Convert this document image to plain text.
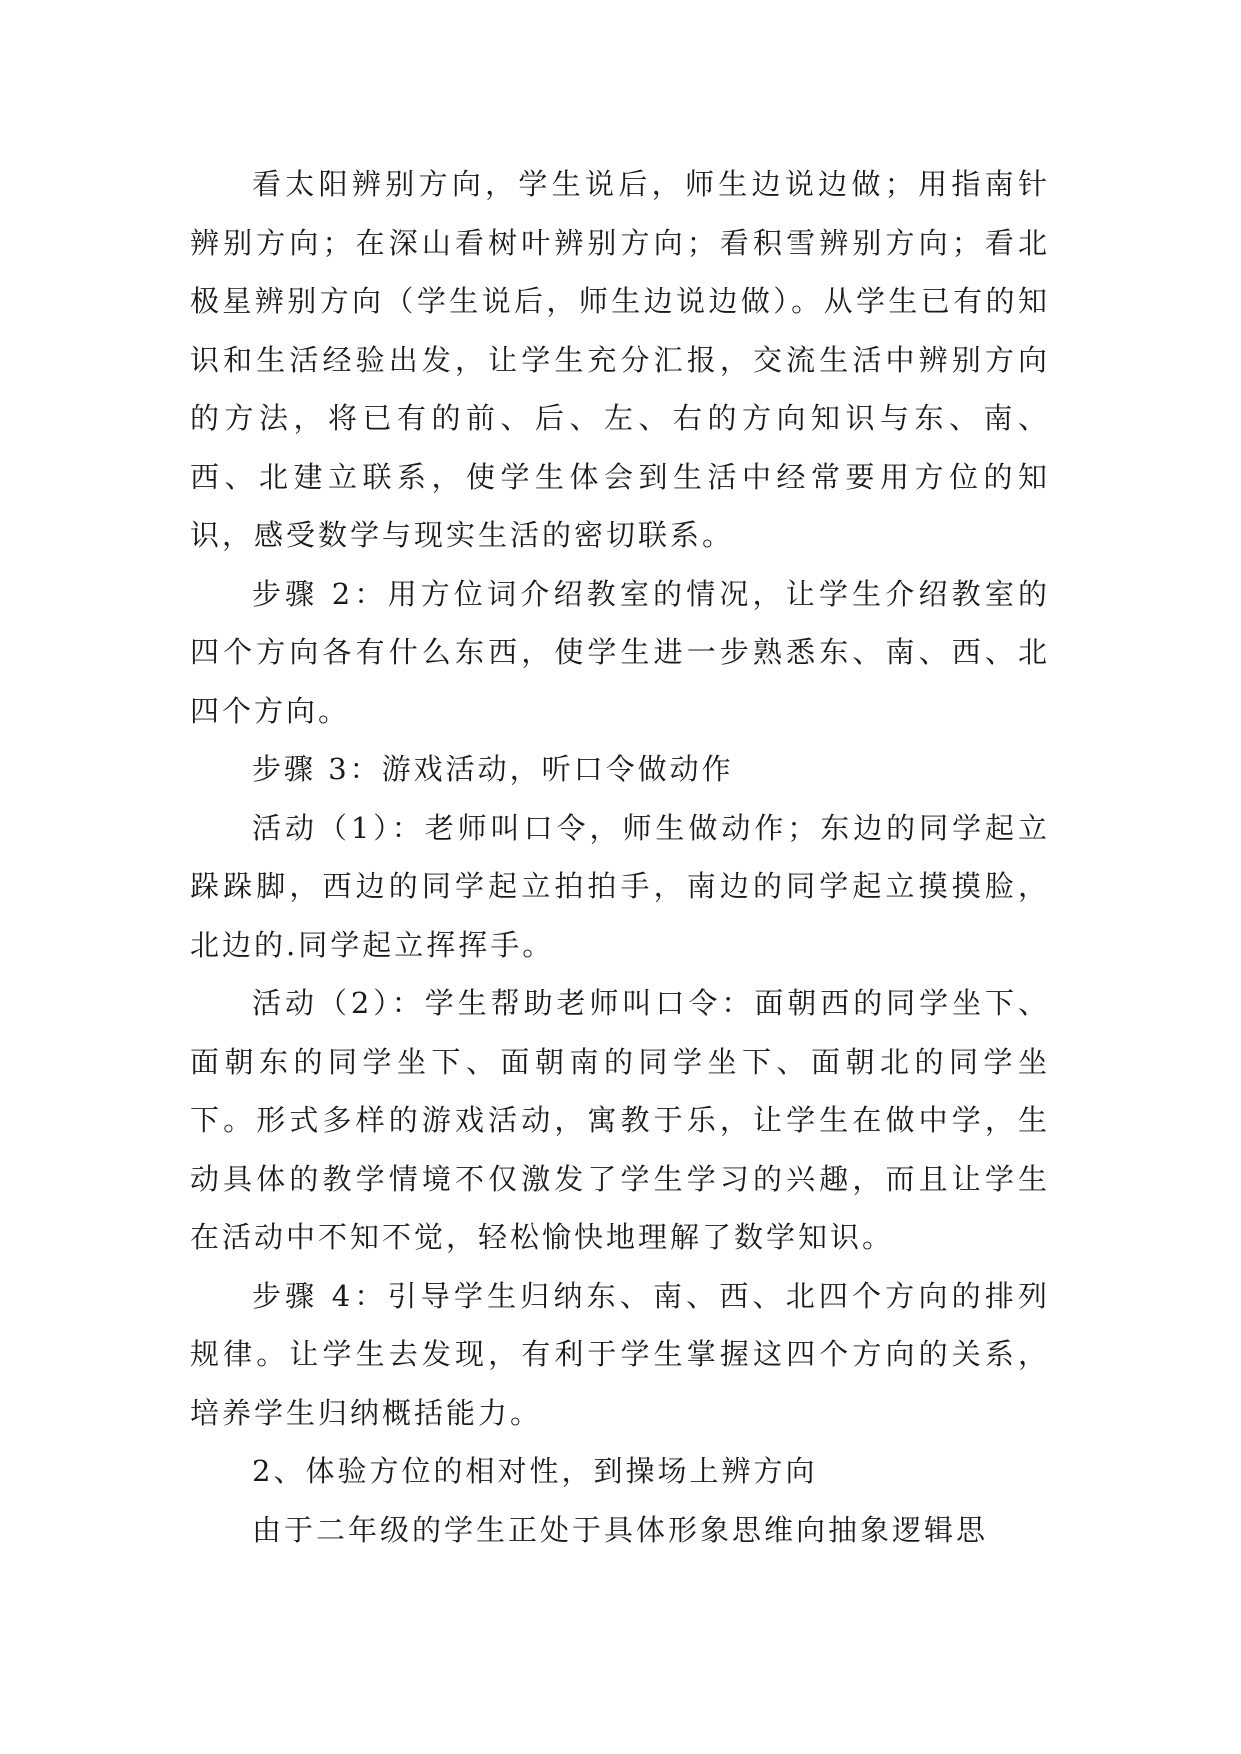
看太阳辨别方向，学生说后，师生边说边做；用指南针辨别方向；在深山看树叶辨别方向；看积雪辨别方向；看北极星辨别方向（学生说后，师生边说边做）。从学生已有的知识和生活经验出发，让学生充分汇报，交流生活中辨别方向的方法，将已有的前、后、左、右的方向知识与东、南、西、北建立联系，使学生体会到生活中经常要用方位的知识，感受数学与现实生活的密切联系。

步骤 2：用方位词介绍教室的情况，让学生介绍教室的四个方向各有什么东西，使学生进一步熟悉东、南、西、北四个方向。

步骤 3：游戏活动，听口令做动作

活动（1）：老师叫口令，师生做动作；东边的同学起立跺跺脚，西边的同学起立拍拍手，南边的同学起立摸摸脸，北边的.同学起立挥挥手。

活动（2）：学生帮助老师叫口令：面朝西的同学坐下、面朝东的同学坐下、面朝南的同学坐下、面朝北的同学坐下。形式多样的游戏活动，寓教于乐，让学生在做中学，生动具体的教学情境不仅激发了学生学习的兴趣，而且让学生在活动中不知不觉，轻松愉快地理解了数学知识。

步骤 4：引导学生归纳东、南、西、北四个方向的排列规律。让学生去发现，有利于学生掌握这四个方向的关系，培养学生归纳概括能力。

2、体验方位的相对性，到操场上辨方向

由于二年级的学生正处于具体形象思维向抽象逻辑思
